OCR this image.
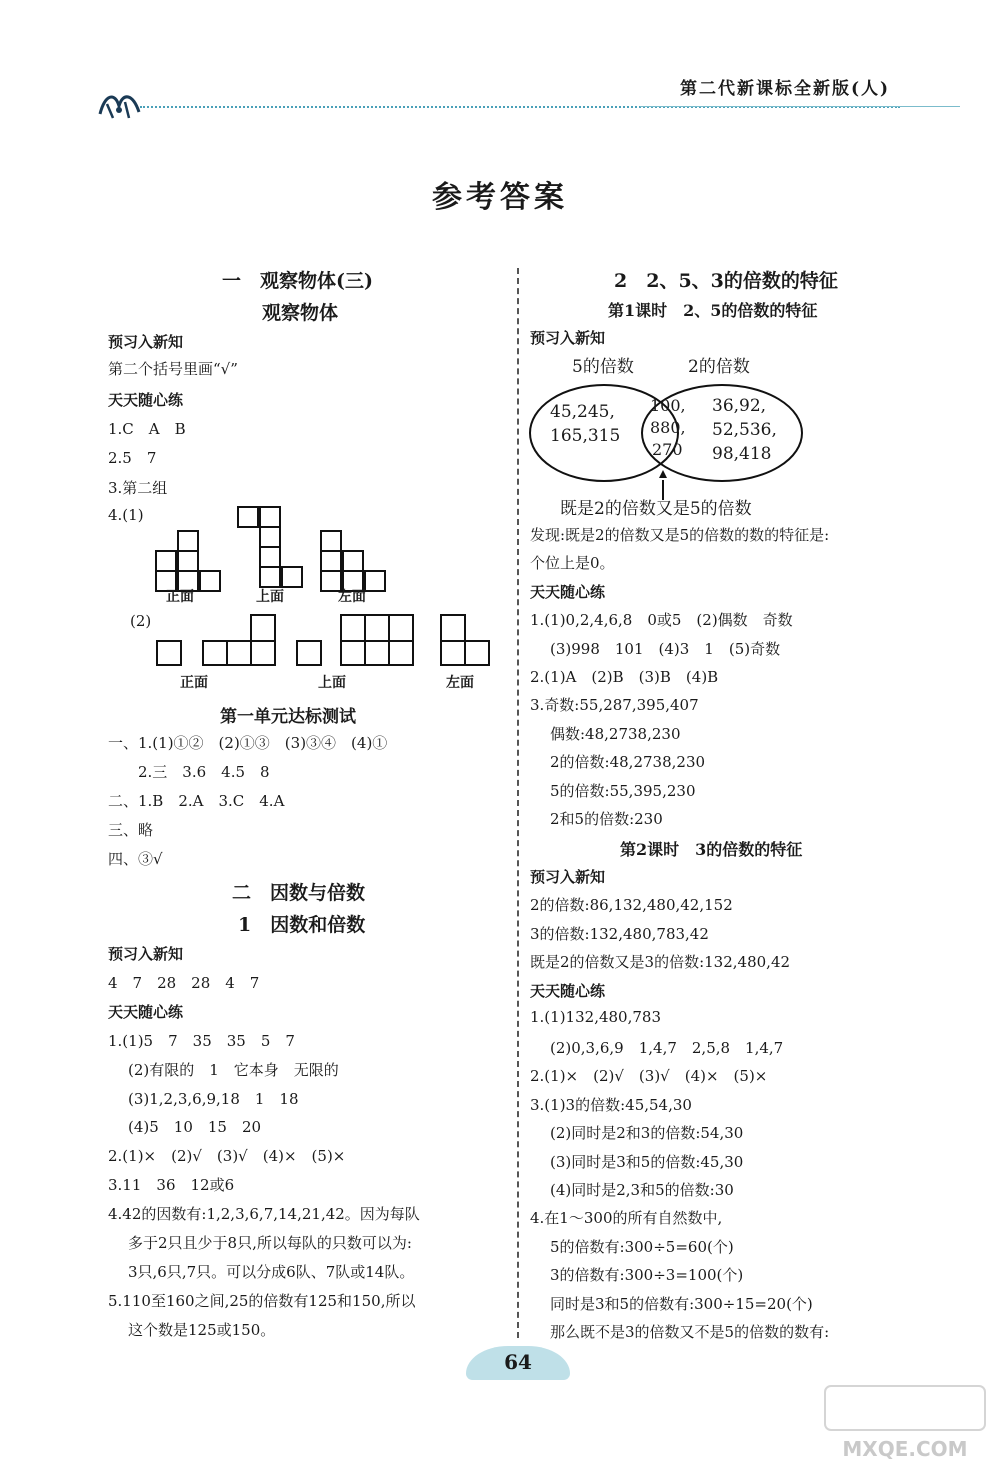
第二代新课标全新版(人)
参考答案
一　观察物体(三)
观察物体
预习入新知
第二个括号里画“√”
天天随心练
1.C　A　B
2.5　7
3.第二组
4.(1)
正面	上面	左面
(2)
正面	上面	左面
第一单元达标测试
一、1.(1)①②　(2)①③　(3)③④　(4)①
2.三　3.6　4.5　8
二、1.B　2.A　3.C　4.A
三、略
四、③√
二　因数与倍数
1　因数和倍数
预习入新知
4　7　28　28　4　7
天天随心练
1.(1)5　7　35　35　5　7
(2)有限的　1　它本身　无限的
(3)1,2,3,6,9,18　1　18
(4)5　10　15　20
2.(1)×　(2)√　(3)√　(4)×　(5)×
3.11　36　12或6
4.42的因数有:1,2,3,6,7,14,21,42。因为每队
多于2只且少于8只,所以每队的只数可以为:
3只,6只,7只。可以分成6队、7队或14队。
5.110至160之间,25的倍数有125和150,所以
这个数是125或150。
2　2、5、3的倍数的特征
第1课时　2、5的倍数的特征
预习入新知
5的倍数	2的倍数
45,245,
165,315
100,
880,
270
36,92,
52,536,
98,418
既是2的倍数又是5的倍数
发现:既是2的倍数又是5的倍数的数的特征是:
个位上是0。
天天随心练
1.(1)0,2,4,6,8　0或5　(2)偶数　奇数
(3)998　101　(4)3　1　(5)奇数
2.(1)A　(2)B　(3)B　(4)B
3.奇数:55,287,395,407
偶数:48,2738,230
2的倍数:48,2738,230
5的倍数:55,395,230
2和5的倍数:230
第2课时　3的倍数的特征
预习入新知
2的倍数:86,132,480,42,152
3的倍数:132,480,783,42
既是2的倍数又是3的倍数:132,480,42
天天随心练
1.(1)132,480,783
(2)0,3,6,9　1,4,7　2,5,8　1,4,7
2.(1)×　(2)√　(3)√　(4)×　(5)×
3.(1)3的倍数:45,54,30
(2)同时是2和3的倍数:54,30
(3)同时是3和5的倍数:45,30
(4)同时是2,3和5的倍数:30
4.在1～300的所有自然数中,
5的倍数有:300÷5=60(个)
3的倍数有:300÷3=100(个)
同时是3和5的倍数有:300÷15=20(个)
那么既不是3的倍数又不是5的倍数的数有:
64
MXQE.COM
